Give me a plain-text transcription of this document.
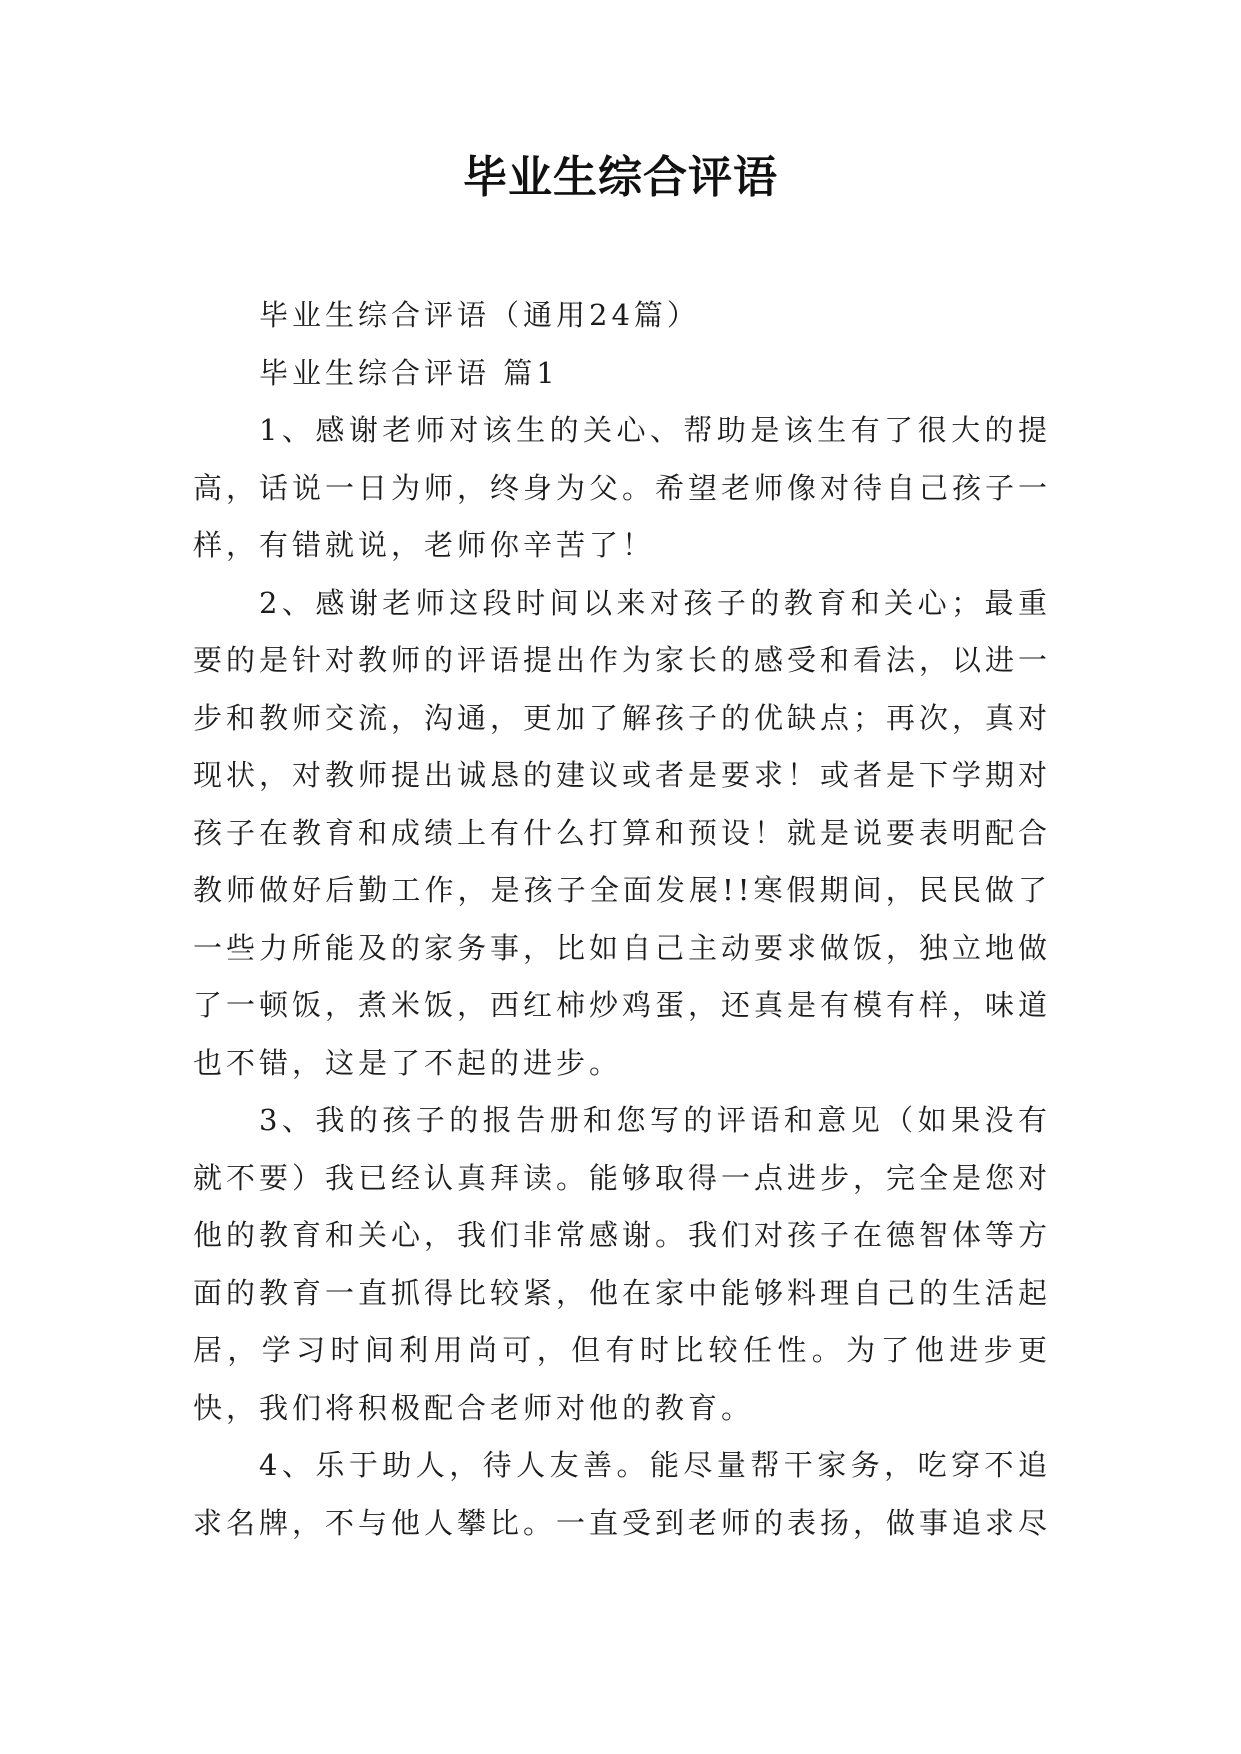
毕业生综合评语

毕业生综合评语（通用24篇）

毕业生综合评语 篇1

1、感谢老师对该生的关心、帮助是该生有了很大的提高，话说一日为师，终身为父。希望老师像对待自己孩子一样，有错就说，老师你辛苦了！

2、感谢老师这段时间以来对孩子的教育和关心；最重要的是针对教师的评语提出作为家长的感受和看法，以进一步和教师交流，沟通，更加了解孩子的优缺点；再次，真对现状，对教师提出诚恳的建议或者是要求！或者是下学期对孩子在教育和成绩上有什么打算和预设！就是说要表明配合教师做好后勤工作，是孩子全面发展!!寒假期间，民民做了一些力所能及的家务事，比如自己主动要求做饭，独立地做了一顿饭，煮米饭，西红柿炒鸡蛋，还真是有模有样，味道也不错，这是了不起的进步。

3、我的孩子的报告册和您写的评语和意见（如果没有就不要）我已经认真拜读。能够取得一点进步，完全是您对他的教育和关心，我们非常感谢。我们对孩子在德智体等方面的教育一直抓得比较紧，他在家中能够料理自己的生活起居，学习时间利用尚可，但有时比较任性。为了他进步更快，我们将积极配合老师对他的教育。

4、乐于助人，待人友善。能尽量帮干家务，吃穿不追求名牌，不与他人攀比。一直受到老师的表扬，做事追求尽
